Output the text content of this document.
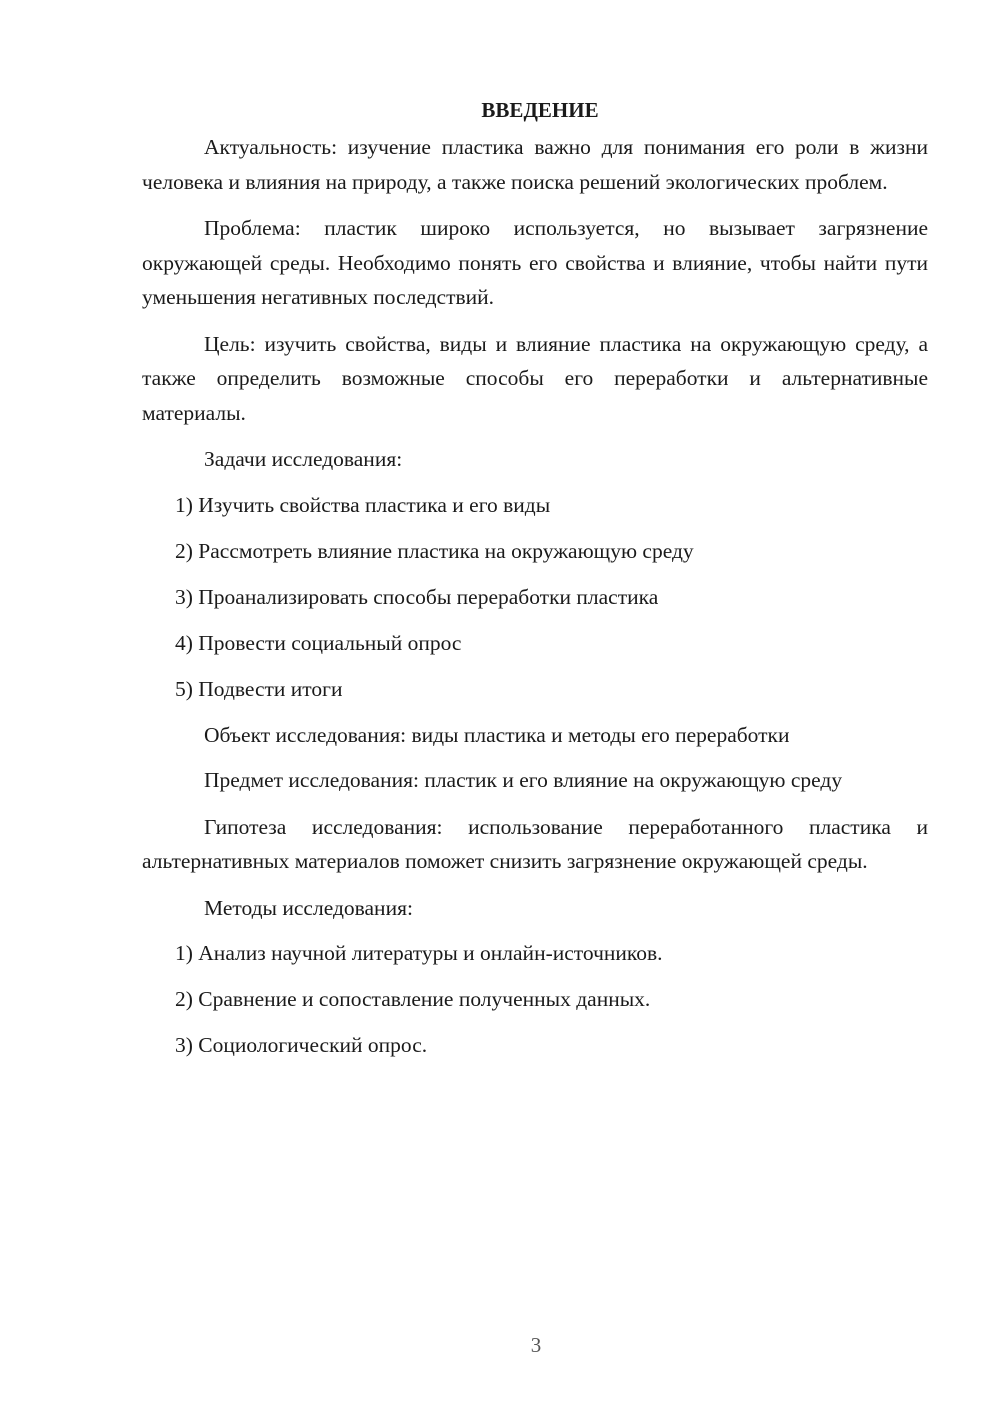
ВВЕДЕНИЕ

Актуальность: изучение пластика важно для понимания его роли в жизни человека и влияния на природу, а также поиска решений экологических проблем.

Проблема: пластик широко используется, но вызывает загрязнение окружающей среды. Необходимо понять его свойства и влияние, чтобы найти пути уменьшения негативных последствий.

Цель: изучить свойства, виды и влияние пластика на окружающую среду, а также определить возможные способы его переработки и альтернативные материалы.

Задачи исследования:

1) Изучить свойства пластика и его виды
2) Рассмотреть влияние пластика на окружающую среду
3) Проанализировать способы переработки пластика
4) Провести социальный опрос
5) Подвести итоги

Объект исследования: виды пластика и методы его переработки

Предмет исследования: пластик и его влияние на окружающую среду

Гипотеза исследования: использование переработанного пластика и альтернативных материалов поможет снизить загрязнение окружающей среды.

Методы исследования:

1) Анализ научной литературы и онлайн-источников.
2) Сравнение и сопоставление полученных данных.
3) Социологический опрос.
3
